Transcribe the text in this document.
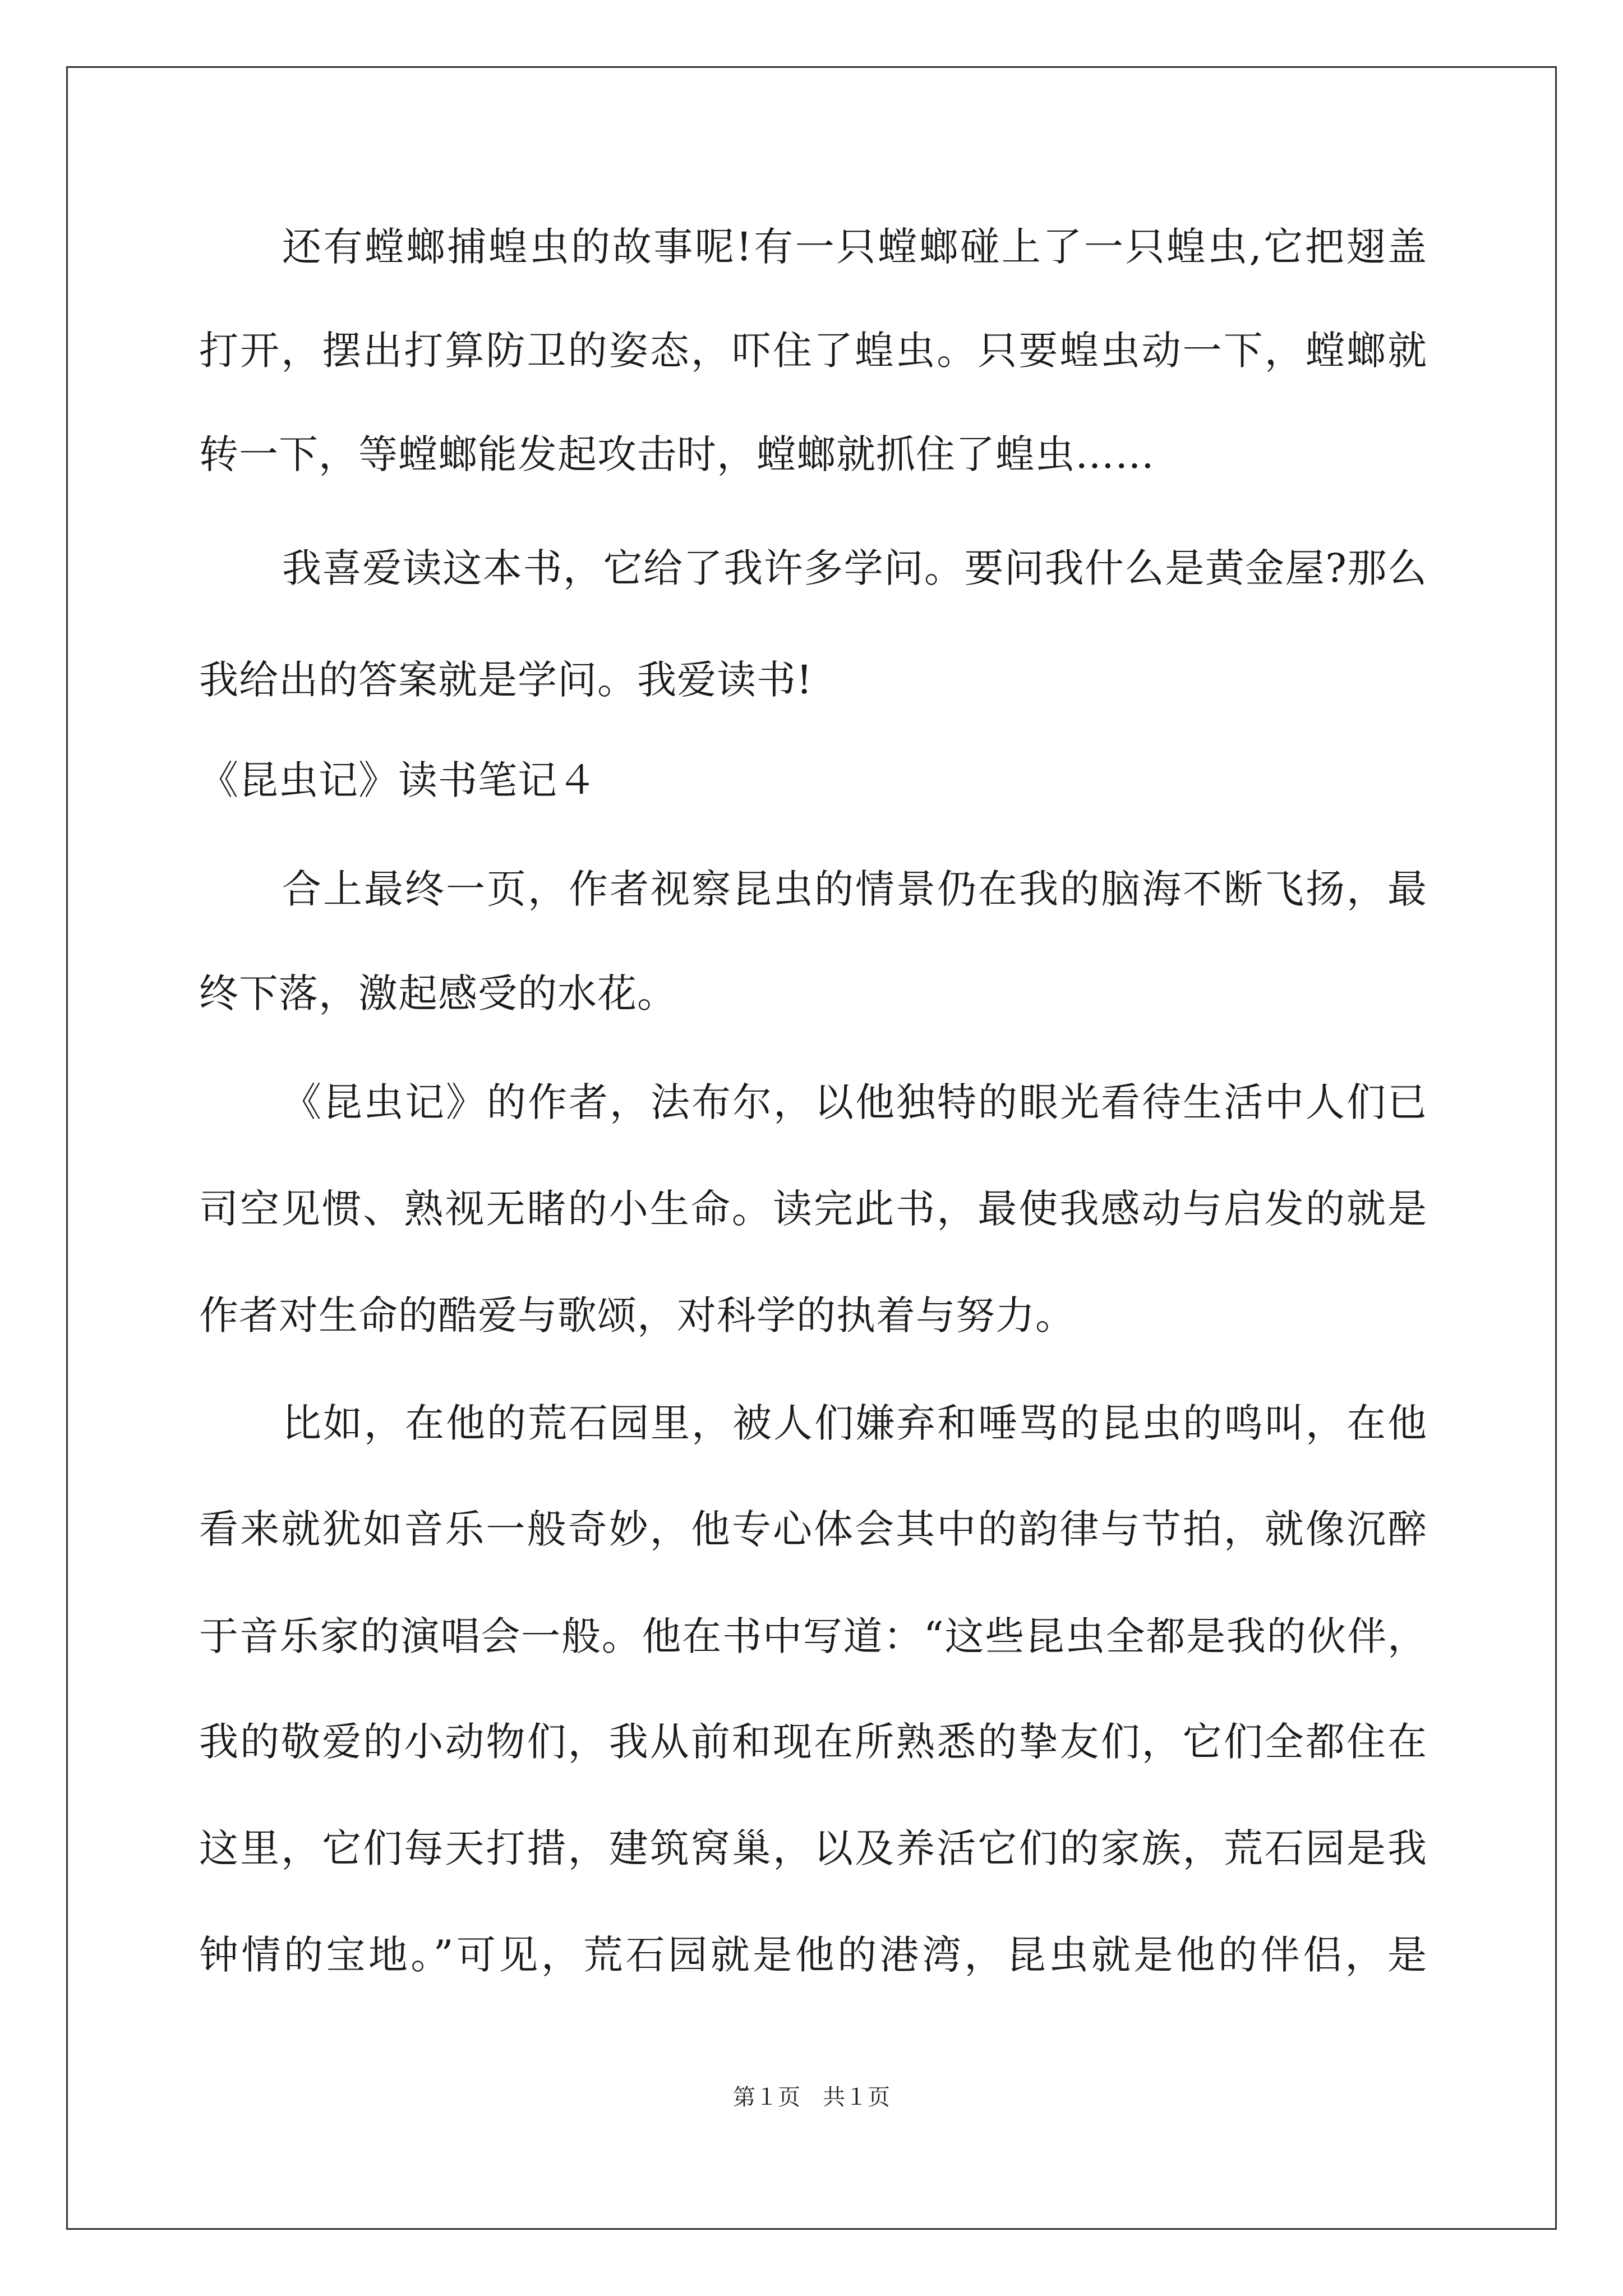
还有螳螂捕蝗虫的故事呢!有一只螳螂碰上了一只蝗虫,它把翅盖
打开，摆出打算防卫的姿态，吓住了蝗虫。只要蝗虫动一下，螳螂就
转一下，等螳螂能发起攻击时，螳螂就抓住了蝗虫……
我喜爱读这本书，它给了我许多学问。要问我什么是黄金屋?那么
我给出的答案就是学问。我爱读书!
《昆虫记》读书笔记４
合上最终一页，作者视察昆虫的情景仍在我的脑海不断飞扬，最
终下落，激起感受的水花。
《昆虫记》的作者，法布尔，以他独特的眼光看待生活中人们已
司空见惯、熟视无睹的小生命。读完此书，最使我感动与启发的就是
作者对生命的酷爱与歌颂，对科学的执着与努力。
比如，在他的荒石园里，被人们嫌弃和唾骂的昆虫的鸣叫，在他
看来就犹如音乐一般奇妙，他专心体会其中的韵律与节拍，就像沉醉
于音乐家的演唱会一般。他在书中写道：“这些昆虫全都是我的伙伴，
我的敬爱的小动物们，我从前和现在所熟悉的挚友们，它们全都住在
这里，它们每天打措，建筑窝巢，以及养活它们的家族，荒石园是我
钟情的宝地。”可见，荒石园就是他的港湾，昆虫就是他的伴侣，是
第１页　共１页
